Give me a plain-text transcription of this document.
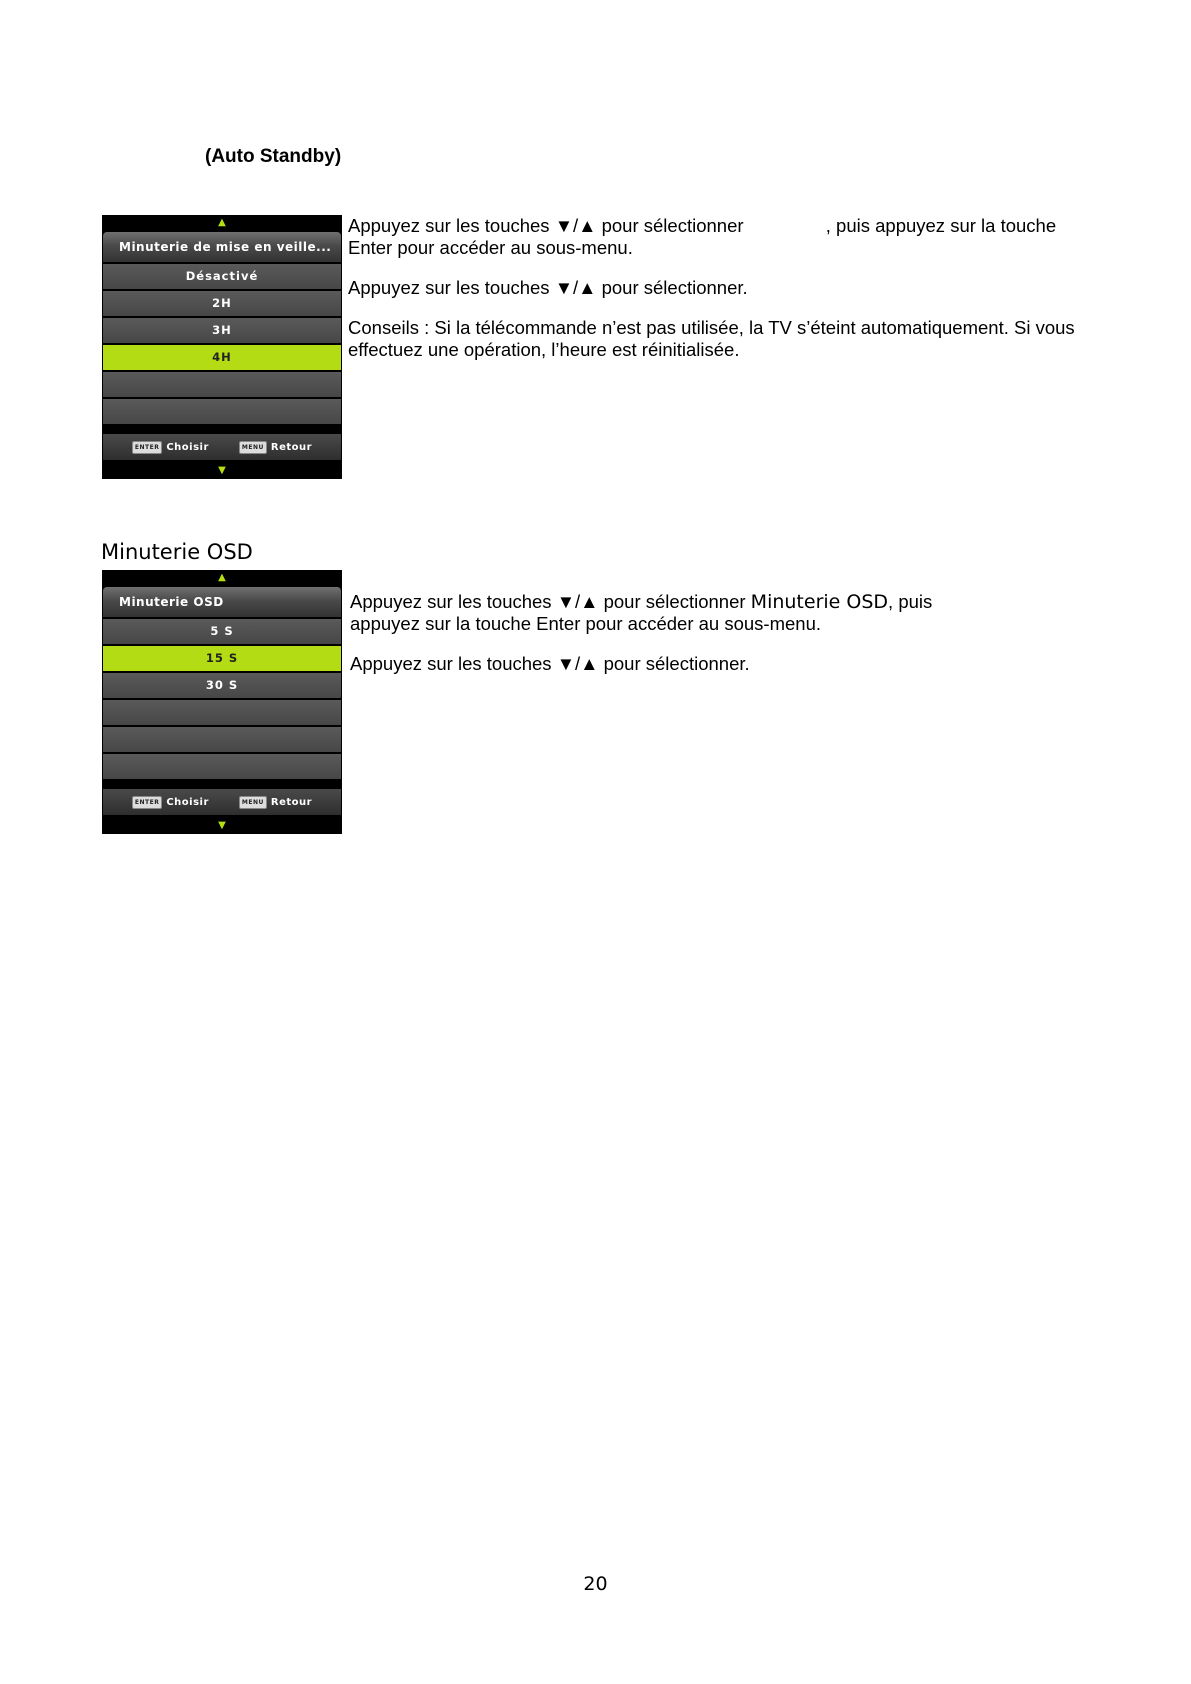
(Auto Standby)
▲
Minuterie de mise en veille...
Désactivé
2H
3H
4H
ENTER Choisir	MENU Retour
▼

Appuyez sur les touches ▼/▲ pour sélectionner                , puis appuyez sur la touche Enter pour accéder au sous-menu.

Appuyez sur les touches ▼/▲ pour sélectionner.

Conseils : Si la télécommande n’est pas utilisée, la TV s’éteint automatiquement. Si vous effectuez une opération, l’heure est réinitialisée.

Minuterie OSD
▲
Minuterie OSD
5 S
15 S
30 S
ENTER Choisir	MENU Retour
▼

Appuyez sur les touches ▼/▲ pour sélectionner Minuterie OSD, puis appuyez sur la touche Enter pour accéder au sous-menu.

Appuyez sur les touches ▼/▲ pour sélectionner.

20
